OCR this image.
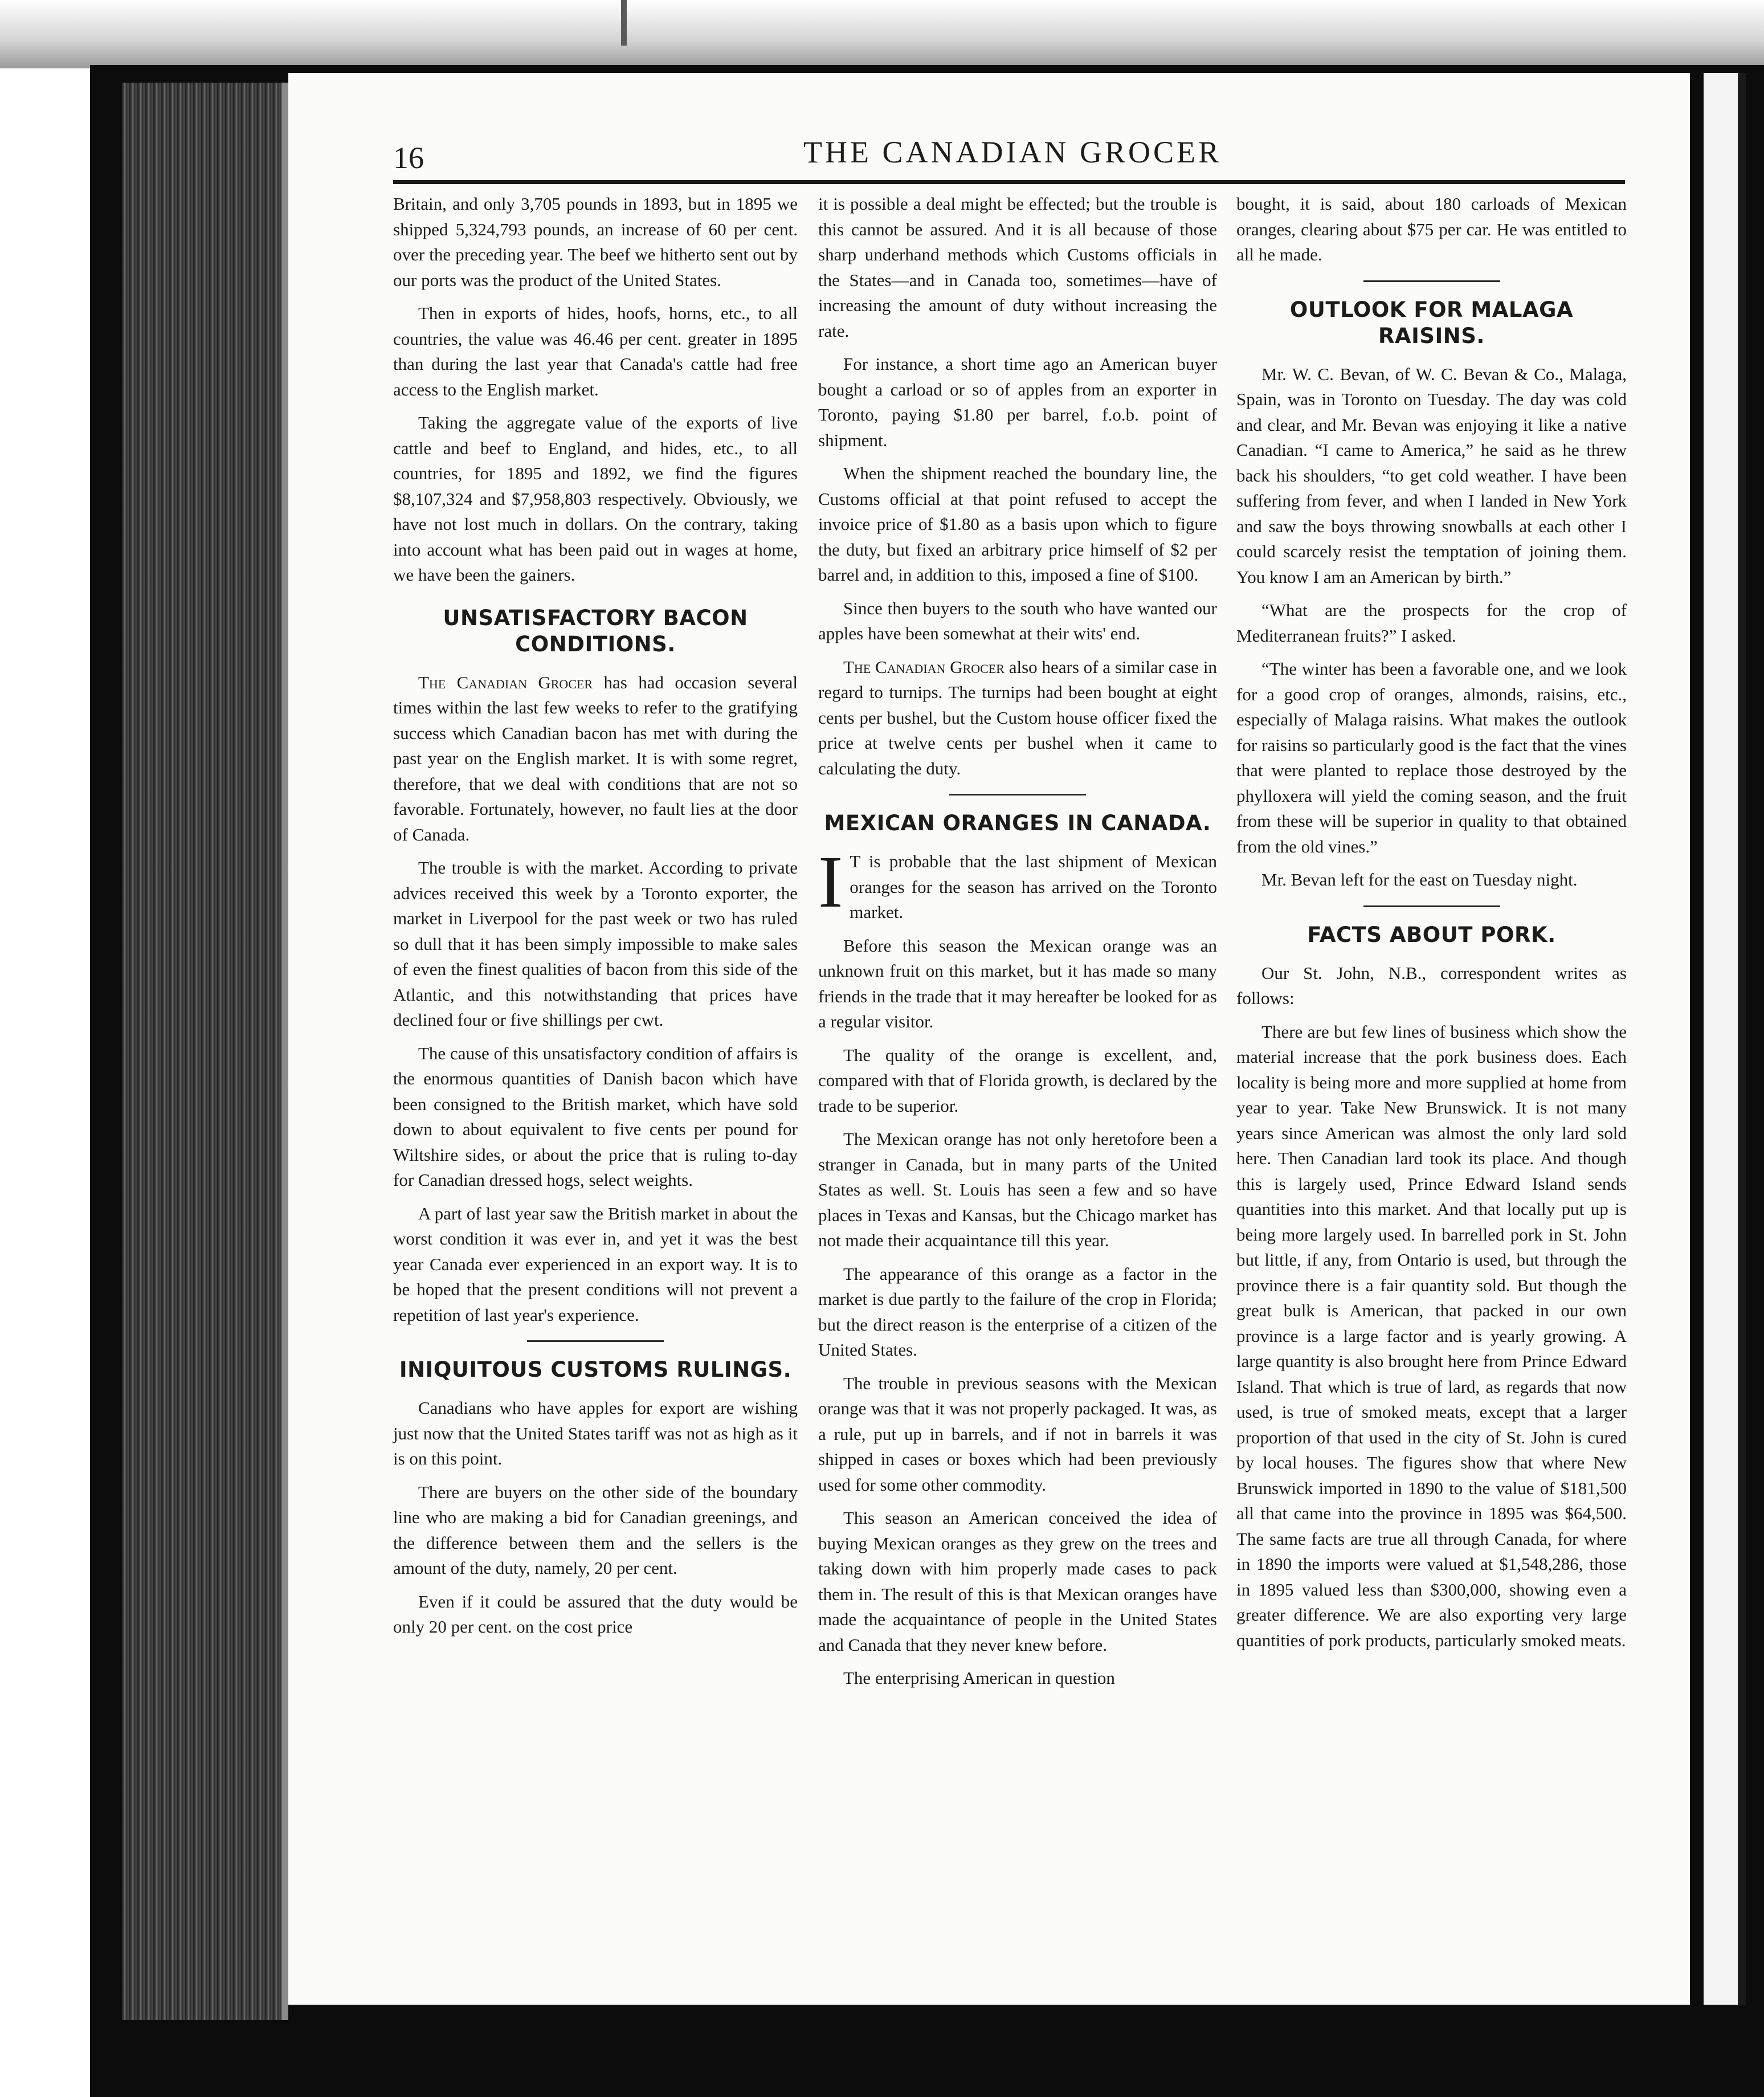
16	THE CANADIAN GROCER

Britain, and only 3,705 pounds in 1893, but in 1895 we shipped 5,324,793 pounds, an increase of 60 per cent. over the preceding year. The beef we hitherto sent out by our ports was the product of the United States.

Then in exports of hides, hoofs, horns, etc., to all countries, the value was 46.46 per cent. greater in 1895 than during the last year that Canada's cattle had free access to the English market.

Taking the aggregate value of the exports of live cattle and beef to England, and hides, etc., to all countries, for 1895 and 1892, we find the figures $8,107,324 and $7,958,803 respectively. Obviously, we have not lost much in dollars. On the contrary, taking into account what has been paid out in wages at home, we have been the gainers.

UNSATISFACTORY BACON CONDITIONS.

The Canadian Grocer has had occasion several times within the last few weeks to refer to the gratifying success which Canadian bacon has met with during the past year on the English market. It is with some regret, therefore, that we deal with conditions that are not so favorable. Fortunately, however, no fault lies at the door of Canada.

The trouble is with the market. According to private advices received this week by a Toronto exporter, the market in Liverpool for the past week or two has ruled so dull that it has been simply impossible to make sales of even the finest qualities of bacon from this side of the Atlantic, and this notwithstanding that prices have declined four or five shillings per cwt.

The cause of this unsatisfactory condition of affairs is the enormous quantities of Danish bacon which have been consigned to the British market, which have sold down to about equivalent to five cents per pound for Wiltshire sides, or about the price that is ruling to-day for Canadian dressed hogs, select weights.

A part of last year saw the British market in about the worst condition it was ever in, and yet it was the best year Canada ever experienced in an export way. It is to be hoped that the present conditions will not prevent a repetition of last year's experience.

INIQUITOUS CUSTOMS RULINGS.

Canadians who have apples for export are wishing just now that the United States tariff was not as high as it is on this point.

There are buyers on the other side of the boundary line who are making a bid for Canadian greenings, and the difference between them and the sellers is the amount of the duty, namely, 20 per cent.

Even if it could be assured that the duty would be only 20 per cent. on the cost price

it is possible a deal might be effected; but the trouble is this cannot be assured. And it is all because of those sharp underhand methods which Customs officials in the States—and in Canada too, sometimes—have of increasing the amount of duty without increasing the rate.

For instance, a short time ago an American buyer bought a carload or so of apples from an exporter in Toronto, paying $1.80 per barrel, f.o.b. point of shipment.

When the shipment reached the boundary line, the Customs official at that point refused to accept the invoice price of $1.80 as a basis upon which to figure the duty, but fixed an arbitrary price himself of $2 per barrel and, in addition to this, imposed a fine of $100.

Since then buyers to the south who have wanted our apples have been somewhat at their wits' end.

The Canadian Grocer also hears of a similar case in regard to turnips. The turnips had been bought at eight cents per bushel, but the Custom house officer fixed the price at twelve cents per bushel when it came to calculating the duty.

MEXICAN ORANGES IN CANADA.

I T is probable that the last shipment of Mexican oranges for the season has arrived on the Toronto market.

Before this season the Mexican orange was an unknown fruit on this market, but it has made so many friends in the trade that it may hereafter be looked for as a regular visitor.

The quality of the orange is excellent, and, compared with that of Florida growth, is declared by the trade to be superior.

The Mexican orange has not only heretofore been a stranger in Canada, but in many parts of the United States as well. St. Louis has seen a few and so have places in Texas and Kansas, but the Chicago market has not made their acquaintance till this year.

The appearance of this orange as a factor in the market is due partly to the failure of the crop in Florida; but the direct reason is the enterprise of a citizen of the United States.

The trouble in previous seasons with the Mexican orange was that it was not properly packaged. It was, as a rule, put up in barrels, and if not in barrels it was shipped in cases or boxes which had been previously used for some other commodity.

This season an American conceived the idea of buying Mexican oranges as they grew on the trees and taking down with him properly made cases to pack them in. The result of this is that Mexican oranges have made the acquaintance of people in the United States and Canada that they never knew before.

The enterprising American in question

bought, it is said, about 180 carloads of Mexican oranges, clearing about $75 per car. He was entitled to all he made.

OUTLOOK FOR MALAGA RAISINS.

Mr. W. C. Bevan, of W. C. Bevan & Co., Malaga, Spain, was in Toronto on Tuesday. The day was cold and clear, and Mr. Bevan was enjoying it like a native Canadian. “I came to America,” he said as he threw back his shoulders, “to get cold weather. I have been suffering from fever, and when I landed in New York and saw the boys throwing snowballs at each other I could scarcely resist the temptation of joining them. You know I am an American by birth.”

“What are the prospects for the crop of Mediterranean fruits?” I asked.

“The winter has been a favorable one, and we look for a good crop of oranges, almonds, raisins, etc., especially of Malaga raisins. What makes the outlook for raisins so particularly good is the fact that the vines that were planted to replace those destroyed by the phylloxera will yield the coming season, and the fruit from these will be superior in quality to that obtained from the old vines.”

Mr. Bevan left for the east on Tuesday night.

FACTS ABOUT PORK.

Our St. John, N.B., correspondent writes as follows:

There are but few lines of business which show the material increase that the pork business does. Each locality is being more and more supplied at home from year to year. Take New Brunswick. It is not many years since American was almost the only lard sold here. Then Canadian lard took its place. And though this is largely used, Prince Edward Island sends quantities into this market. And that locally put up is being more largely used. In barrelled pork in St. John but little, if any, from Ontario is used, but through the province there is a fair quantity sold. But though the great bulk is American, that packed in our own province is a large factor and is yearly growing. A large quantity is also brought here from Prince Edward Island. That which is true of lard, as regards that now used, is true of smoked meats, except that a larger proportion of that used in the city of St. John is cured by local houses. The figures show that where New Brunswick imported in 1890 to the value of $181,500 all that came into the province in 1895 was $64,500. The same facts are true all through Canada, for where in 1890 the imports were valued at $1,548,286, those in 1895 valued less than $300,000, showing even a greater difference. We are also exporting very large quantities of pork products, particularly smoked meats.
